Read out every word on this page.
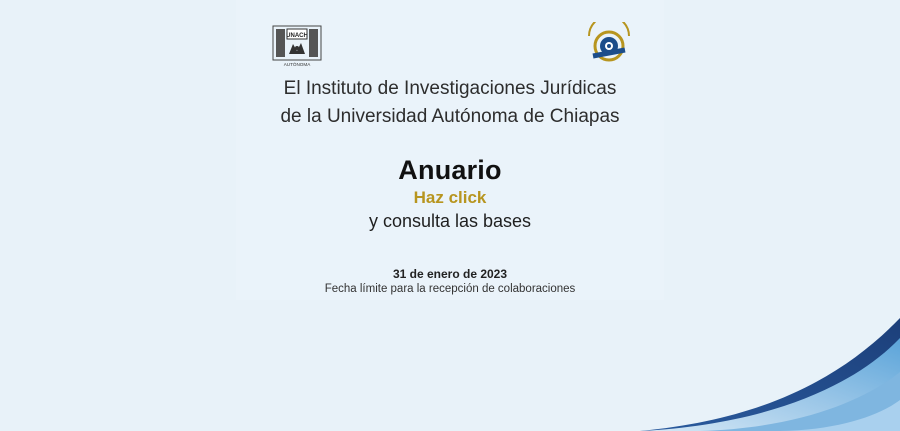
UNACH
AUTÓNOMA
El Instituto de Investigaciones Jurídicas
de la Universidad Autónoma de Chiapas
Anuario
Haz click
y consulta las bases
31 de enero de 2023
Fecha límite para la recepción de colaboraciones
